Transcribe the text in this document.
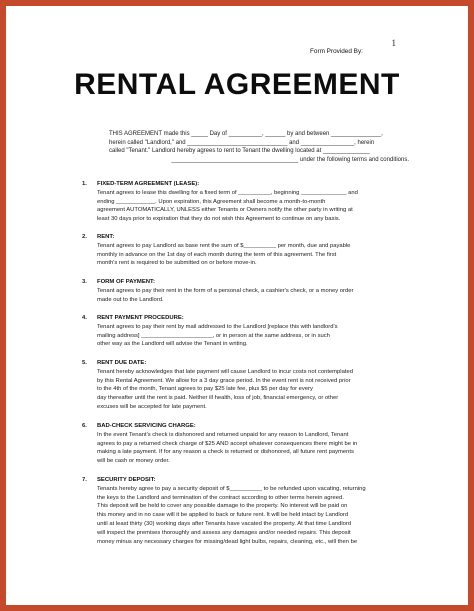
1
Form Provided By:
RENTAL AGREEMENT
THIS AGREEMENT made this _____ Day of __________, ______ by and between _______________,
herein called "Landlord," and ______________________________ and ________________, herein
called "Tenant." Landlord hereby agrees to rent to Tenant the dwelling located at ______________
______________________________________ under the following terms and conditions.
1. FIXED-TERM AGREEMENT (LEASE):
Tenant agrees to lease this dwelling for a fixed term of __________, beginning ______________ and
ending ____________. Upon expiration, this Agreement shall become a month-to-month
agreement AUTOMATICALLY, UNLESS either Tenants or Owners notify the other party in writing at
least 30 days prior to expiration that they do not wish this Agreement to continue on any basis.
2. RENT:
Tenant agrees to pay Landlord as base rent the sum of $__________ per month, due and payable
monthly in advance on the 1st day of each month during the term of this agreement. The first
month's rent is required to be submitted on or before move-in.
3. FORM OF PAYMENT:
Tenant agrees to pay their rent in the form of a personal check, a cashier's check, or a money order
made out to the Landlord.
4. RENT PAYMENT PROCEDURE:
Tenant agrees to pay their rent by mail addressed to the Landlord [replace this with landlord's
mailing address] ______________________, or in person at the same address, or in such
other way as the Landlord will advise the Tenant in writing.
5. RENT DUE DATE:
Tenant hereby acknowledges that late payment will cause Landlord to incur costs not contemplated
by this Rental Agreement. We allow for a 3 day grace period. In the event rent is not received prior
to the 4th of the month, Tenant agrees to pay $25 late fee, plus $5 per day for every
day thereafter until the rent is paid. Neither ill health, loss of job, financial emergency, or other
excuses will be accepted for late payment.
6. BAD-CHECK SERVICING CHARGE:
In the event Tenant's check is dishonored and returned unpaid for any reason to Landlord, Tenant
agrees to pay a returned check charge of $25 AND accept whatever consequences there might be in
making a late payment. If for any reason a check is returned or dishonored, all future rent payments
will be cash or money order.
7. SECURITY DEPOSIT:
Tenants hereby agree to pay a security deposit of $__________ to be refunded upon vacating, returning
the keys to the Landlord and termination of the contract according to other terms herein agreed.
This deposit will be held to cover any possible damage to the property. No interest will be paid on
this money and in no case will it be applied to back or future rent. It will be held intact by Landlord
until at least thirty (30) working days after Tenants have vacated the property. At that time Landlord
will inspect the premises thoroughly and assess any damages and/or needed repairs. This deposit
money minus any necessary charges for missing/dead light bulbs, repairs, cleaning, etc., will then be
